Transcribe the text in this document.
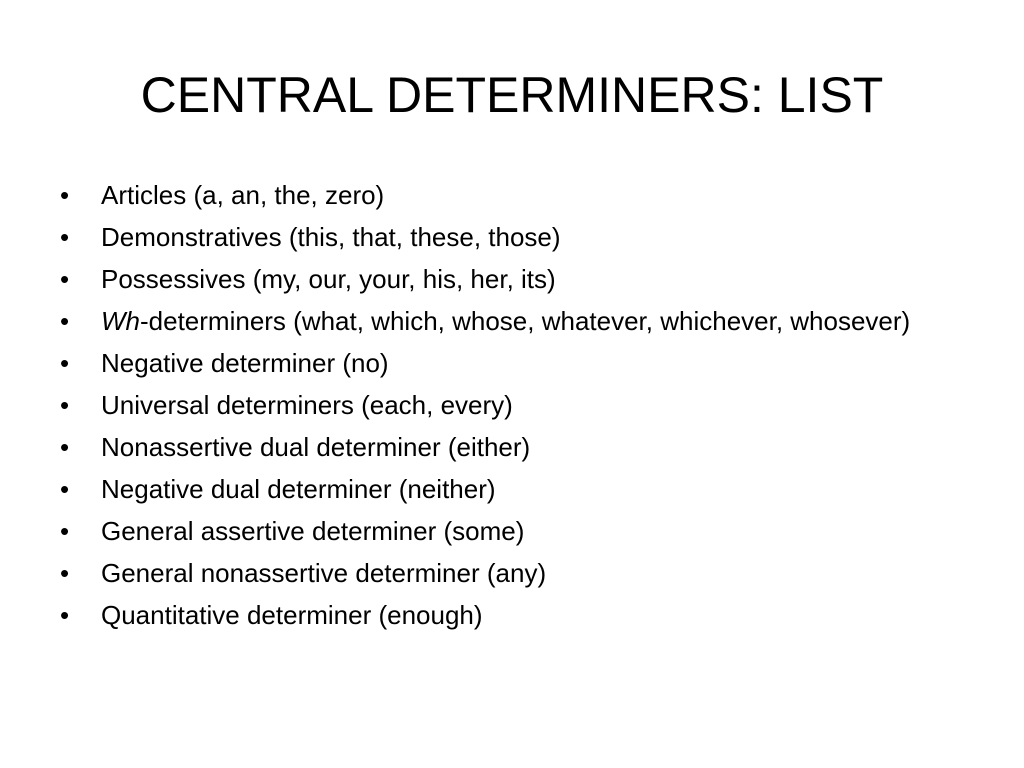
CENTRAL DETERMINERS: LIST
•	Articles (a, an, the, zero)
•	Demonstratives (this, that, these, those)
•	Possessives (my, our, your, his, her, its)
•	Wh-determiners (what, which, whose, whatever, whichever, whosever)
•	Negative determiner (no)
•	Universal determiners (each, every)
•	Nonassertive dual determiner (either)
•	Negative dual determiner (neither)
•	General assertive determiner (some)
•	General nonassertive determiner (any)
•	Quantitative determiner (enough)
